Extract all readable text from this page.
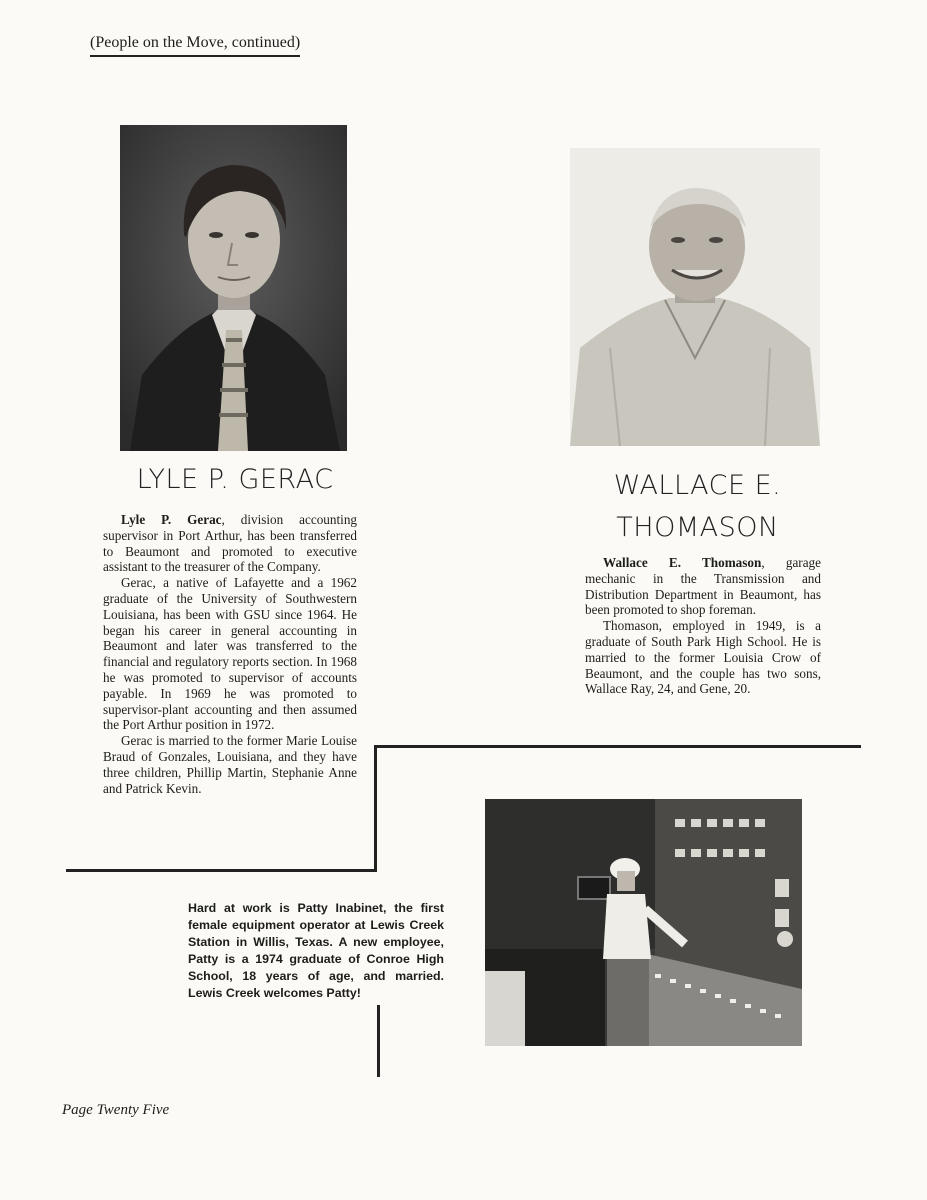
(People on the Move, continued)
LYLE P. GERAC

Lyle P. Gerac, division accounting supervisor in Port Arthur, has been transferred to Beaumont and promoted to executive assistant to the treasurer of the Company.

Gerac, a native of Lafayette and a 1962 graduate of the University of Southwestern Louisiana, has been with GSU since 1964. He began his career in general accounting in Beaumont and later was transferred to the financial and regulatory reports section. In 1968 he was promoted to supervisor of accounts payable. In 1969 he was promoted to supervisor-plant accounting and then assumed the Port Arthur position in 1972.

Gerac is married to the former Marie Louise Braud of Gonzales, Louisiana, and they have three children, Phillip Martin, Stephanie Anne and Patrick Kevin.

WALLACE E.
THOMASON

Wallace E. Thomason, garage mechanic in the Transmission and Distribution Department in Beaumont, has been promoted to shop foreman.

Thomason, employed in 1949, is a graduate of South Park High School. He is married to the former Louisia Crow of Beaumont, and the couple has two sons, Wallace Ray, 24, and Gene, 20.

Hard at work is Patty Inabinet, the first female equipment operator at Lewis Creek Station in Willis, Texas. A new employee, Patty is a 1974 graduate of Conroe High School, 18 years of age, and married. Lewis Creek welcomes Patty!
Page Twenty Five
